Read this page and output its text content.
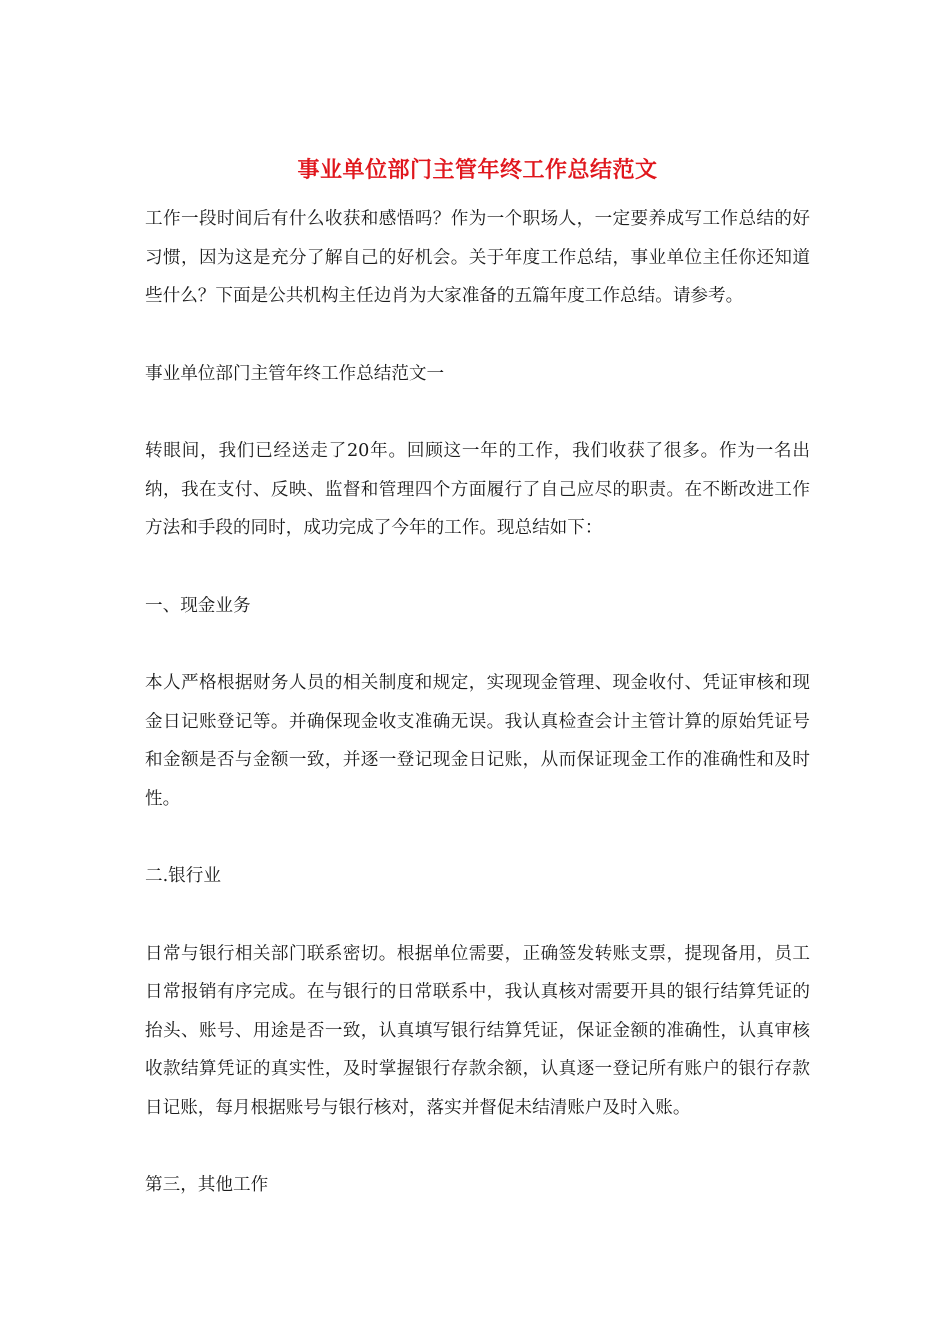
事业单位部门主管年终工作总结范文

工作一段时间后有什么收获和感悟吗？作为一个职场人，一定要养成写工作总结的好习惯，因为这是充分了解自己的好机会。关于年度工作总结，事业单位主任你还知道些什么？下面是公共机构主任边肖为大家准备的五篇年度工作总结。请参考。

事业单位部门主管年终工作总结范文一

转眼间，我们已经送走了20年。回顾这一年的工作，我们收获了很多。作为一名出纳，我在支付、反映、监督和管理四个方面履行了自己应尽的职责。在不断改进工作方法和手段的同时，成功完成了今年的工作。现总结如下：

一、现金业务

本人严格根据财务人员的相关制度和规定，实现现金管理、现金收付、凭证审核和现金日记账登记等。并确保现金收支准确无误。我认真检查会计主管计算的原始凭证号和金额是否与金额一致，并逐一登记现金日记账，从而保证现金工作的准确性和及时性。

二.银行业

日常与银行相关部门联系密切。根据单位需要，正确签发转账支票，提现备用，员工日常报销有序完成。在与银行的日常联系中，我认真核对需要开具的银行结算凭证的抬头、账号、用途是否一致，认真填写银行结算凭证，保证金额的准确性，认真审核收款结算凭证的真实性，及时掌握银行存款余额，认真逐一登记所有账户的银行存款日记账，每月根据账号与银行核对，落实并督促未结清账户及时入账。

第三，其他工作
